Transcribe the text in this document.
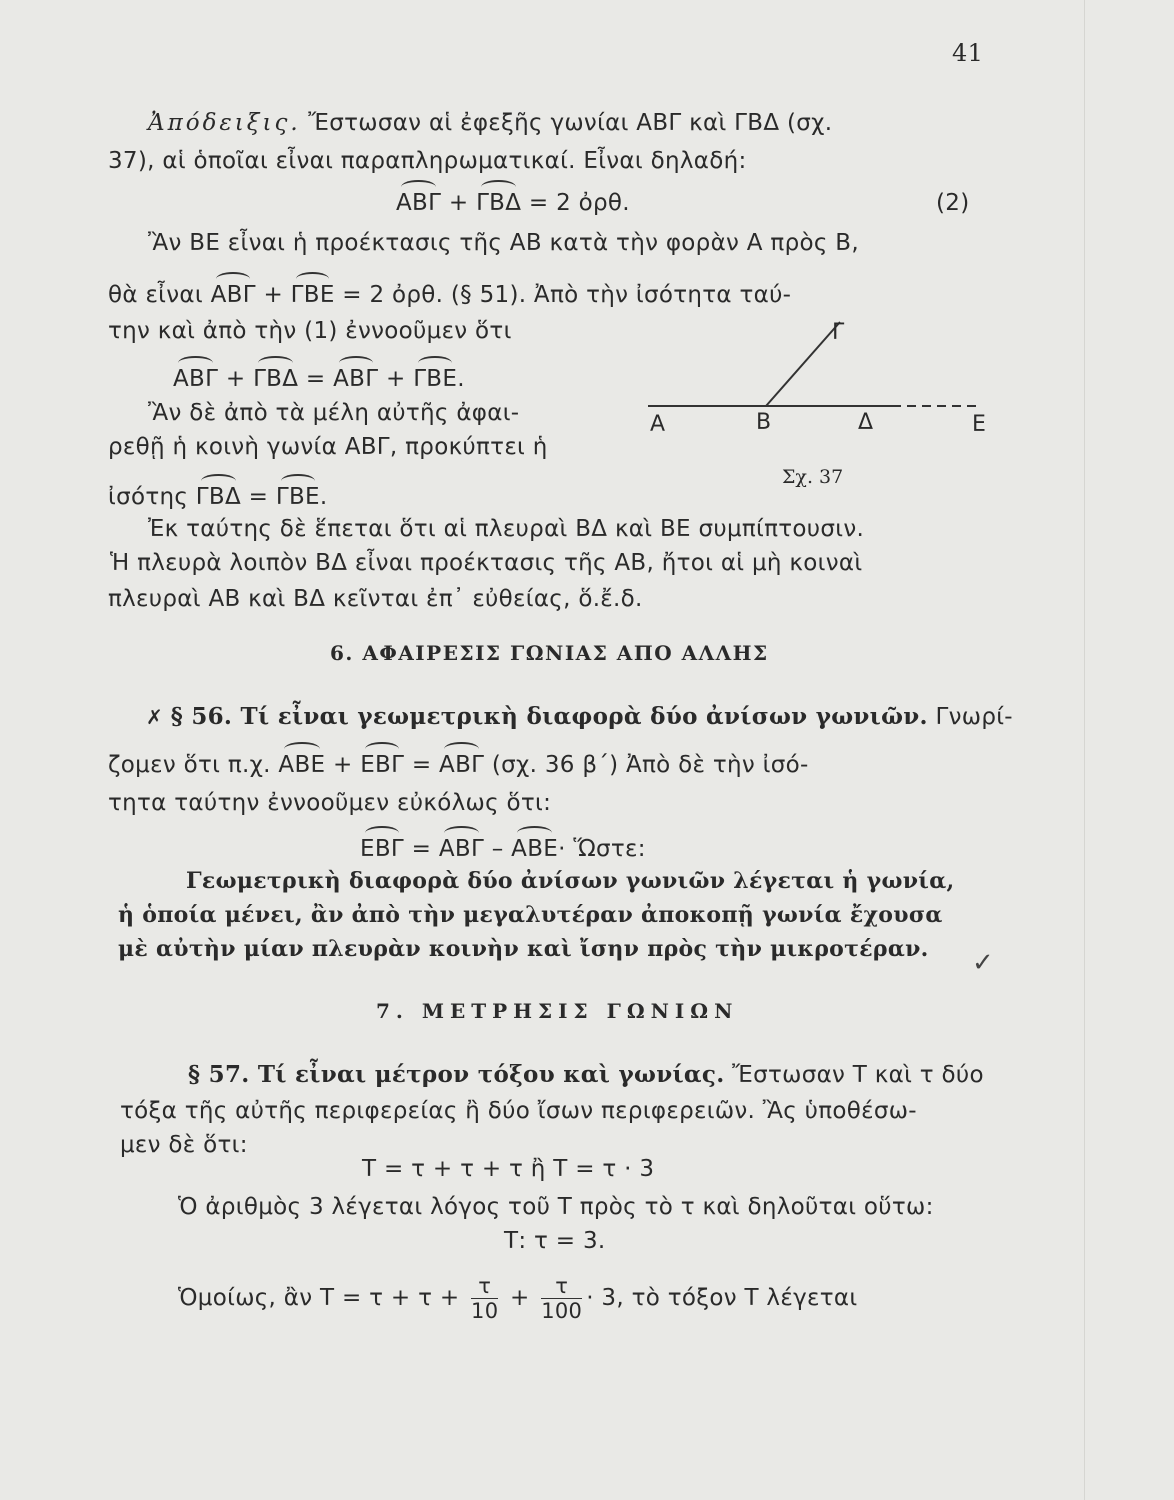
41
Ἀπόδειξις. Ἔστωσαν αἱ ἐφεξῆς γωνίαι ΑΒΓ καὶ ΓΒΔ (σχ.
37), αἱ ὁποῖαι εἶναι παραπληρωματικαί. Εἶναι δηλαδή:
ΑΒΓ + ΓΒΔ = 2 ὀρθ.	(2)
Ἂν ΒΕ εἶναι ἡ προέκτασις τῆς ΑΒ κατὰ τὴν φορὰν Α πρὸς Β,
θὰ εἶναι ΑΒΓ + ΓΒΕ = 2 ὀρθ. (§ 51). Ἀπὸ τὴν ἰσότητα ταύ-
την καὶ ἀπὸ τὴν (1) ἐννοοῦμεν ὅτι
ΑΒΓ + ΓΒΔ = ΑΒΓ + ΓΒΕ.
Ἂν δὲ ἀπὸ τὰ μέλη αὐτῆς ἀφαι-
ρεθῇ ἡ κοινὴ γωνία ΑΒΓ, προκύπτει ἡ
ἰσότης ΓΒΔ = ΓΒΕ.
Γ
Α	Β	Δ	Ε
Σχ. 37
Ἐκ ταύτης δὲ ἕπεται ὅτι αἱ πλευραὶ ΒΔ καὶ ΒΕ συμπίπτουσιν.
Ἡ πλευρὰ λοιπὸν ΒΔ εἶναι προέκτασις τῆς ΑΒ, ἤτοι αἱ μὴ κοιναὶ
πλευραὶ ΑΒ καὶ ΒΔ κεῖνται ἐπ᾽ εὐθείας, ὅ.ἔ.δ.
6. ΑΦΑΙΡΕΣΙΣ ΓΩΝΙΑΣ ΑΠΟ ΑΛΛΗΣ
✗ § 56. Τί εἶναι γεωμετρικὴ διαφορὰ δύο ἀνίσων γωνιῶν. Γνωρί-
ζομεν ὅτι π.χ. ΑΒΕ + ΕΒΓ = ΑΒΓ (σχ. 36 β΄) Ἀπὸ δὲ τὴν ἰσό-
τητα ταύτην ἐννοοῦμεν εὐκόλως ὅτι:
ΕΒΓ = ΑΒΓ – ΑΒΕ· Ὥστε:
Γεωμετρικὴ διαφορὰ δύο ἀνίσων γωνιῶν λέγεται ἡ γωνία,
ἡ ὁποία μένει, ἂν ἀπὸ τὴν μεγαλυτέραν ἀποκοπῇ γωνία ἔχουσα
μὲ αὐτὴν μίαν πλευρὰν κοινὴν καὶ ἴσην πρὸς τὴν μικροτέραν. ✓
7. ΜΕΤΡΗΣΙΣ ΓΩΝΙΩΝ
§ 57. Τί εἶναι μέτρον τόξου καὶ γωνίας. Ἔστωσαν Τ καὶ τ δύο
τόξα τῆς αὐτῆς περιφερείας ἢ δύο ἴσων περιφερειῶν. Ἂς ὑποθέσω-
μεν δὲ ὅτι:
Τ = τ + τ + τ ἢ Τ = τ · 3
Ὁ ἀριθμὸς 3 λέγεται λόγος τοῦ Τ πρὸς τὸ τ καὶ δηλοῦται οὕτω:
Τ: τ = 3.
Ὁμοίως, ἂν $T = \tau + \tau + \frac{\tau}{10} + \frac{\tau}{100} \cdot 3$, τὸ τόξον Τ λέγεται
